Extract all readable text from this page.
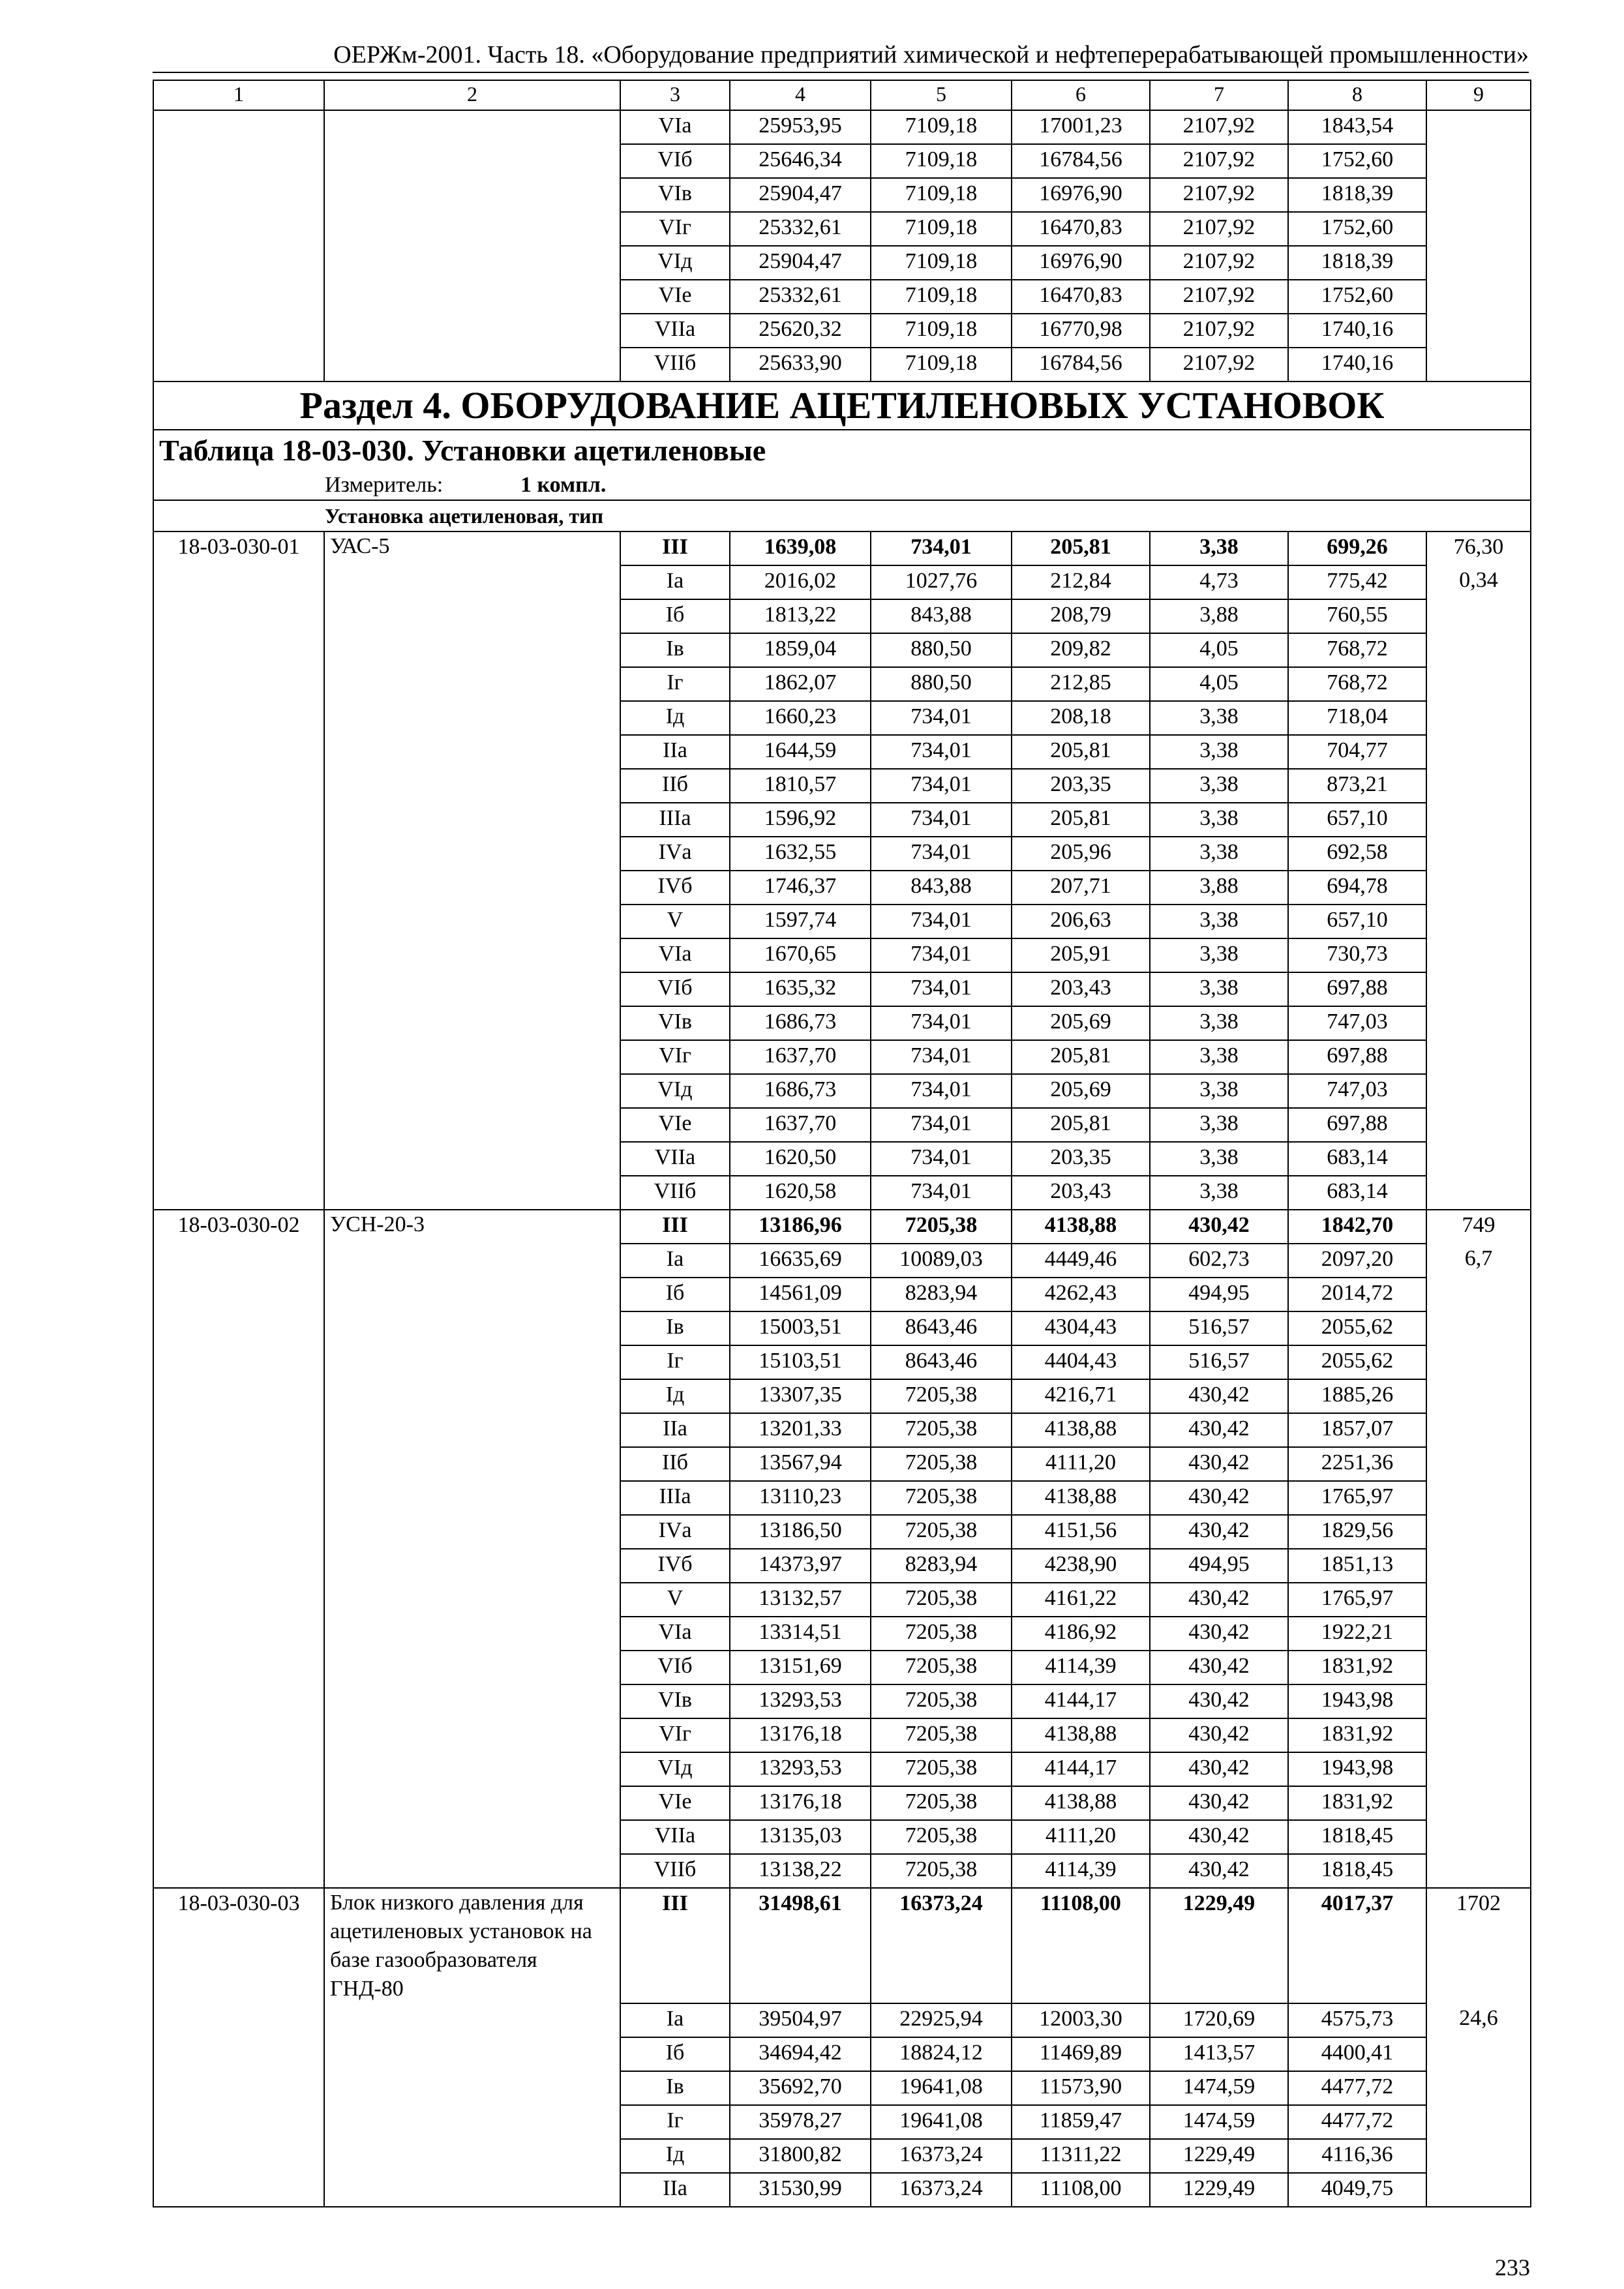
ОЕРЖм-2001. Часть 18. «Оборудование предприятий химической и нефтеперерабатывающей промышленности»
1	2	3	4	5	6	7	8	9
		VIа	25953,95	7109,18	17001,23	2107,92	1843,54	
		VIб	25646,34	7109,18	16784,56	2107,92	1752,60	
		VIв	25904,47	7109,18	16976,90	2107,92	1818,39	
		VIг	25332,61	7109,18	16470,83	2107,92	1752,60	
		VIд	25904,47	7109,18	16976,90	2107,92	1818,39	
		VIе	25332,61	7109,18	16470,83	2107,92	1752,60	
		VIIа	25620,32	7109,18	16770,98	2107,92	1740,16	
		VIIб	25633,90	7109,18	16784,56	2107,92	1740,16	
Раздел 4. ОБОРУДОВАНИЕ АЦЕТИЛЕНОВЫХ УСТАНОВОК								
Таблица 18-03-030. Установки ацетиленовые								
Измеритель: 1 компл.								
Установка ацетиленовая, тип								
18-03-030-01	УАС-5	III	1639,08	734,01	205,81	3,38	699,26	76,30
		Iа	2016,02	1027,76	212,84	4,73	775,42	0,34
		Iб	1813,22	843,88	208,79	3,88	760,55	
		Iв	1859,04	880,50	209,82	4,05	768,72	
		Iг	1862,07	880,50	212,85	4,05	768,72	
		Iд	1660,23	734,01	208,18	3,38	718,04	
		IIа	1644,59	734,01	205,81	3,38	704,77	
		IIб	1810,57	734,01	203,35	3,38	873,21	
		IIIа	1596,92	734,01	205,81	3,38	657,10	
		IVа	1632,55	734,01	205,96	3,38	692,58	
		IVб	1746,37	843,88	207,71	3,88	694,78	
		V	1597,74	734,01	206,63	3,38	657,10	
		VIа	1670,65	734,01	205,91	3,38	730,73	
		VIб	1635,32	734,01	203,43	3,38	697,88	
		VIв	1686,73	734,01	205,69	3,38	747,03	
		VIг	1637,70	734,01	205,81	3,38	697,88	
		VIд	1686,73	734,01	205,69	3,38	747,03	
		VIе	1637,70	734,01	205,81	3,38	697,88	
		VIIа	1620,50	734,01	203,35	3,38	683,14	
		VIIб	1620,58	734,01	203,43	3,38	683,14	
18-03-030-02	УСН-20-3	III	13186,96	7205,38	4138,88	430,42	1842,70	749
		Iа	16635,69	10089,03	4449,46	602,73	2097,20	6,7
		Iб	14561,09	8283,94	4262,43	494,95	2014,72	
		Iв	15003,51	8643,46	4304,43	516,57	2055,62	
		Iг	15103,51	8643,46	4404,43	516,57	2055,62	
		Iд	13307,35	7205,38	4216,71	430,42	1885,26	
		IIа	13201,33	7205,38	4138,88	430,42	1857,07	
		IIб	13567,94	7205,38	4111,20	430,42	2251,36	
		IIIа	13110,23	7205,38	4138,88	430,42	1765,97	
		IVа	13186,50	7205,38	4151,56	430,42	1829,56	
		IVб	14373,97	8283,94	4238,90	494,95	1851,13	
		V	13132,57	7205,38	4161,22	430,42	1765,97	
		VIа	13314,51	7205,38	4186,92	430,42	1922,21	
		VIб	13151,69	7205,38	4114,39	430,42	1831,92	
		VIв	13293,53	7205,38	4144,17	430,42	1943,98	
		VIг	13176,18	7205,38	4138,88	430,42	1831,92	
		VIд	13293,53	7205,38	4144,17	430,42	1943,98	
		VIе	13176,18	7205,38	4138,88	430,42	1831,92	
		VIIа	13135,03	7205,38	4111,20	430,42	1818,45	
		VIIб	13138,22	7205,38	4114,39	430,42	1818,45	
18-03-030-03	Блок низкого давления для ацетиленовых установок на базе газообразователя ГНД-80	III	31498,61	16373,24	11108,00	1229,49	4017,37	1702
		Iа	39504,97	22925,94	12003,30	1720,69	4575,73	24,6
		Iб	34694,42	18824,12	11469,89	1413,57	4400,41	
		Iв	35692,70	19641,08	11573,90	1474,59	4477,72	
		Iг	35978,27	19641,08	11859,47	1474,59	4477,72	
		Iд	31800,82	16373,24	11311,22	1229,49	4116,36	
		IIа	31530,99	16373,24	11108,00	1229,49	4049,75	
233
